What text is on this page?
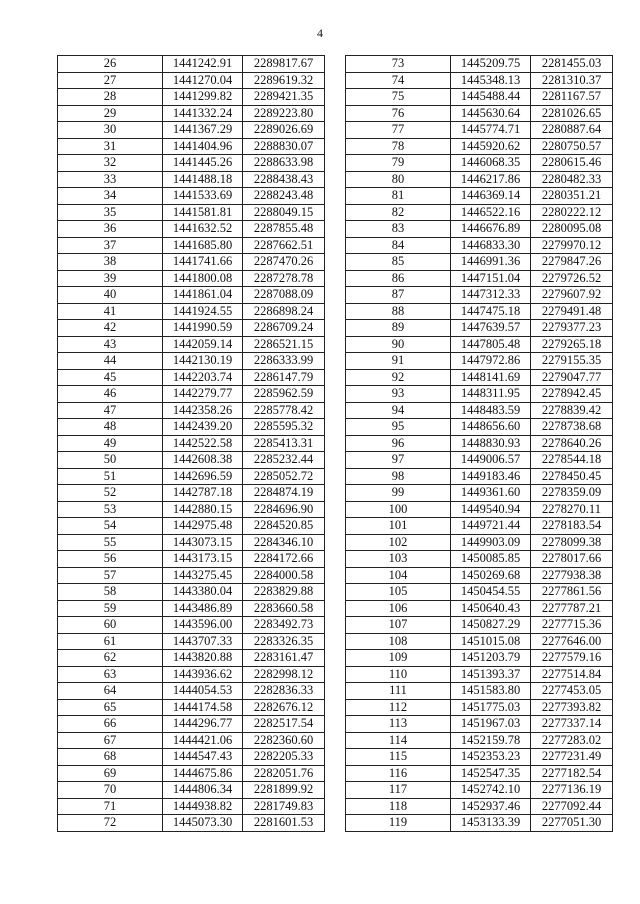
4
26	1441242.91	2289817.67
27	1441270.04	2289619.32
28	1441299.82	2289421.35
29	1441332.24	2289223.80
30	1441367.29	2289026.69
31	1441404.96	2288830.07
32	1441445.26	2288633.98
33	1441488.18	2288438.43
34	1441533.69	2288243.48
35	1441581.81	2288049.15
36	1441632.52	2287855.48
37	1441685.80	2287662.51
38	1441741.66	2287470.26
39	1441800.08	2287278.78
40	1441861.04	2287088.09
41	1441924.55	2286898.24
42	1441990.59	2286709.24
43	1442059.14	2286521.15
44	1442130.19	2286333.99
45	1442203.74	2286147.79
46	1442279.77	2285962.59
47	1442358.26	2285778.42
48	1442439.20	2285595.32
49	1442522.58	2285413.31
50	1442608.38	2285232.44
51	1442696.59	2285052.72
52	1442787.18	2284874.19
53	1442880.15	2284696.90
54	1442975.48	2284520.85
55	1443073.15	2284346.10
56	1443173.15	2284172.66
57	1443275.45	2284000.58
58	1443380.04	2283829.88
59	1443486.89	2283660.58
60	1443596.00	2283492.73
61	1443707.33	2283326.35
62	1443820.88	2283161.47
63	1443936.62	2282998.12
64	1444054.53	2282836.33
65	1444174.58	2282676.12
66	1444296.77	2282517.54
67	1444421.06	2282360.60
68	1444547.43	2282205.33
69	1444675.86	2282051.76
70	1444806.34	2281899.92
71	1444938.82	2281749.83
72	1445073.30	2281601.53
73	1445209.75	2281455.03
74	1445348.13	2281310.37
75	1445488.44	2281167.57
76	1445630.64	2281026.65
77	1445774.71	2280887.64
78	1445920.62	2280750.57
79	1446068.35	2280615.46
80	1446217.86	2280482.33
81	1446369.14	2280351.21
82	1446522.16	2280222.12
83	1446676.89	2280095.08
84	1446833.30	2279970.12
85	1446991.36	2279847.26
86	1447151.04	2279726.52
87	1447312.33	2279607.92
88	1447475.18	2279491.48
89	1447639.57	2279377.23
90	1447805.48	2279265.18
91	1447972.86	2279155.35
92	1448141.69	2279047.77
93	1448311.95	2278942.45
94	1448483.59	2278839.42
95	1448656.60	2278738.68
96	1448830.93	2278640.26
97	1449006.57	2278544.18
98	1449183.46	2278450.45
99	1449361.60	2278359.09
100	1449540.94	2278270.11
101	1449721.44	2278183.54
102	1449903.09	2278099.38
103	1450085.85	2278017.66
104	1450269.68	2277938.38
105	1450454.55	2277861.56
106	1450640.43	2277787.21
107	1450827.29	2277715.36
108	1451015.08	2277646.00
109	1451203.79	2277579.16
110	1451393.37	2277514.84
111	1451583.80	2277453.05
112	1451775.03	2277393.82
113	1451967.03	2277337.14
114	1452159.78	2277283.02
115	1452353.23	2277231.49
116	1452547.35	2277182.54
117	1452742.10	2277136.19
118	1452937.46	2277092.44
119	1453133.39	2277051.30
